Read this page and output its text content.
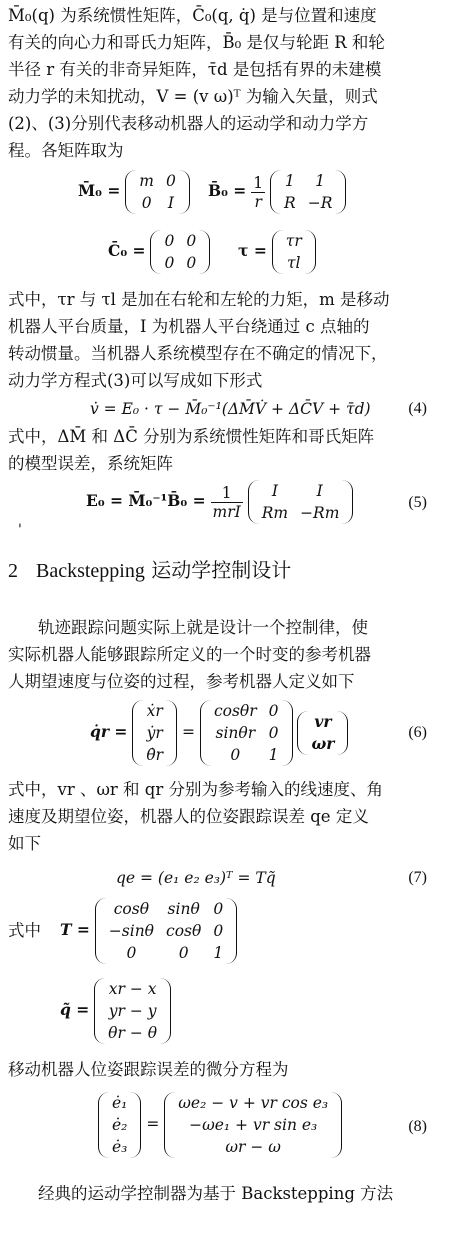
M̄₀(q) 为系统惯性矩阵，C̄₀(q, q̇) 是与位置和速度
有关的向心力和哥氏力矩阵，B̄₀ 是仅与轮距 R 和轮
半径 r 有关的非奇异矩阵，τ̄d 是包括有界的未建模
动力学的未知扰动，V = (v ω)ᵀ 为输入矢量，则式
(2)、(3)分别代表移动机器人的运动学和动力学方
程。各矩阵取为
M̄₀ = m	0
0	I
B̄₀ = $\frac{1}{r}$
1	1
R	−R
C̄₀ = 0	0
0	0
τ = τr
τl
式中，τr 与 τl 是加在右轮和左轮的力矩，m 是移动
机器人平台质量，I 为机器人平台绕通过 c 点轴的
转动惯量。当机器人系统模型存在不确定的情况下，
动力学方程式(3)可以写成如下形式
v̇ = E₀ · τ − M̄₀⁻¹(ΔM̄V̇ + ΔC̄V + τ̄d) (4)
式中，ΔM̄ 和 ΔC̄ 分别为系统惯性矩阵和哥氏矩阵
的模型误差，系统矩阵
E₀ = M̄₀⁻¹B̄₀ = $\frac{1}{\text{mrI}}$
I	I
Rm	−Rm
(5)
'
2 Backstepping 运动学控制设计
轨迹跟踪问题实际上就是设计一个控制律，使
实际机器人能够跟踪所定义的一个时变的参考机器
人期望速度与位姿的过程，参考机器人定义如下
q̇r =
ẋr
ẏr
θ̇r
=
cosθr	0
sinθr	0
0	1

vr
ωr
(6)
式中，vr 、ωr 和 qr 分别为参考输入的线速度、角
速度及期望位姿，机器人的位姿跟踪误差 qe 定义
如下
qe = (e₁ e₂ e₃)ᵀ = Tq̃	(7)
式中 T =
cosθ	sinθ	0
−sinθ	cosθ	0
0	0	1
q̃ =
xr − x
yr − y
θr − θ
移动机器人位姿跟踪误差的微分方程为
ė₁
ė₂
ė₃
=
ωe₂ − v + vr cos e₃
−ωe₁ + vr sin e₃
ωr − ω
(8)
经典的运动学控制器为基于 Backstepping 方法
